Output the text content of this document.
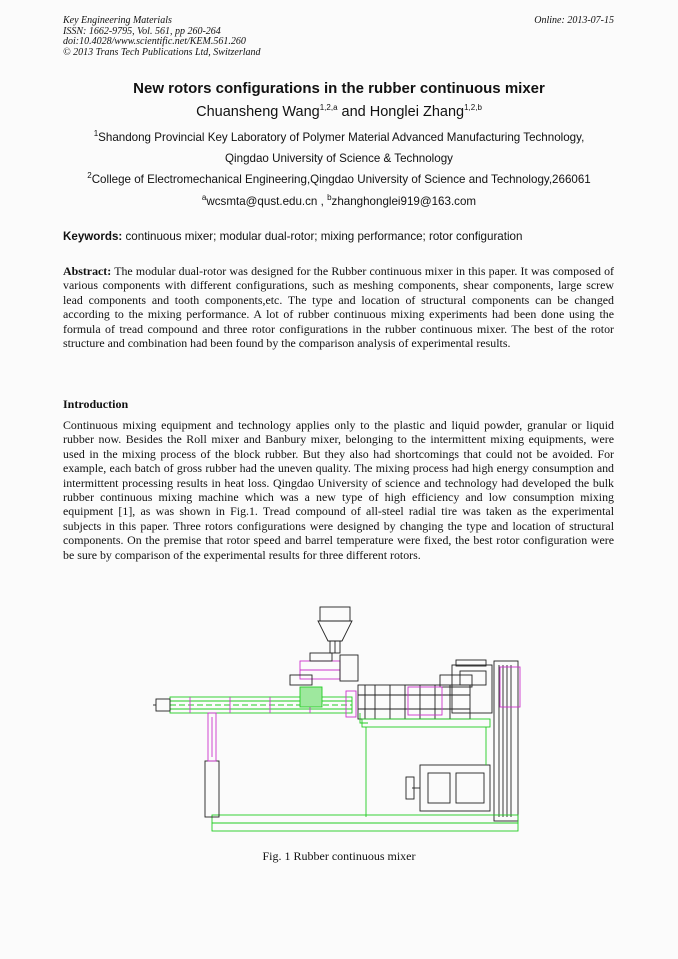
Key Engineering Materials
ISSN: 1662-9795, Vol. 561, pp 260-264
doi:10.4028/www.scientific.net/KEM.561.260
© 2013 Trans Tech Publications Ltd, Switzerland
Online: 2013-07-15
New rotors configurations in the rubber continuous mixer
Chuansheng Wang$^{1,2,a}$ and Honglei Zhang$^{1,2,b}$
$^1$Shandong Provincial Key Laboratory of Polymer Material Advanced Manufacturing Technology,
Qingdao University of Science & Technology
$^2$College of Electromechanical Engineering,Qingdao University of Science and Technology,266061
$^a$wcsmta@qust.edu.cn , $^b$zhanghonglei919@163.com
Keywords: continuous mixer; modular dual-rotor; mixing performance; rotor configuration
Abstract: The modular dual-rotor was designed for the Rubber continuous mixer in this paper. It was composed of various components with different configurations, such as meshing components, shear components, large screw lead components and tooth components,etc. The type and location of structural components can be changed according to the mixing performance. A lot of rubber continuous mixing experiments had been done using the formula of tread compound and three rotor configurations in the rubber continuous mixer. The best of the rotor structure and combination had been found by the comparison analysis of experimental results.
Introduction
Continuous mixing equipment and technology applies only to the plastic and liquid powder, granular or liquid rubber now. Besides the Roll mixer and Banbury mixer, belonging to the intermittent mixing equipments, were used in the mixing process of the block rubber. But they also had shortcomings that could not be avoided. For example, each batch of gross rubber had the uneven quality. The mixing process had high energy consumption and intermittent processing results in heat loss. Qingdao University of science and technology had developed the bulk rubber continuous mixing machine which was a new type of high efficiency and low consumption mixing equipment [1], as was shown in Fig.1. Tread compound of all-steel radial tire was taken as the experimental subjects in this paper. Three rotors configurations were designed by changing the type and location of structural components. On the premise that rotor speed and barrel temperature were fixed, the best rotor configuration were be sure by comparison of the experimental results for three different rotors.
Fig. 1 Rubber continuous mixer
